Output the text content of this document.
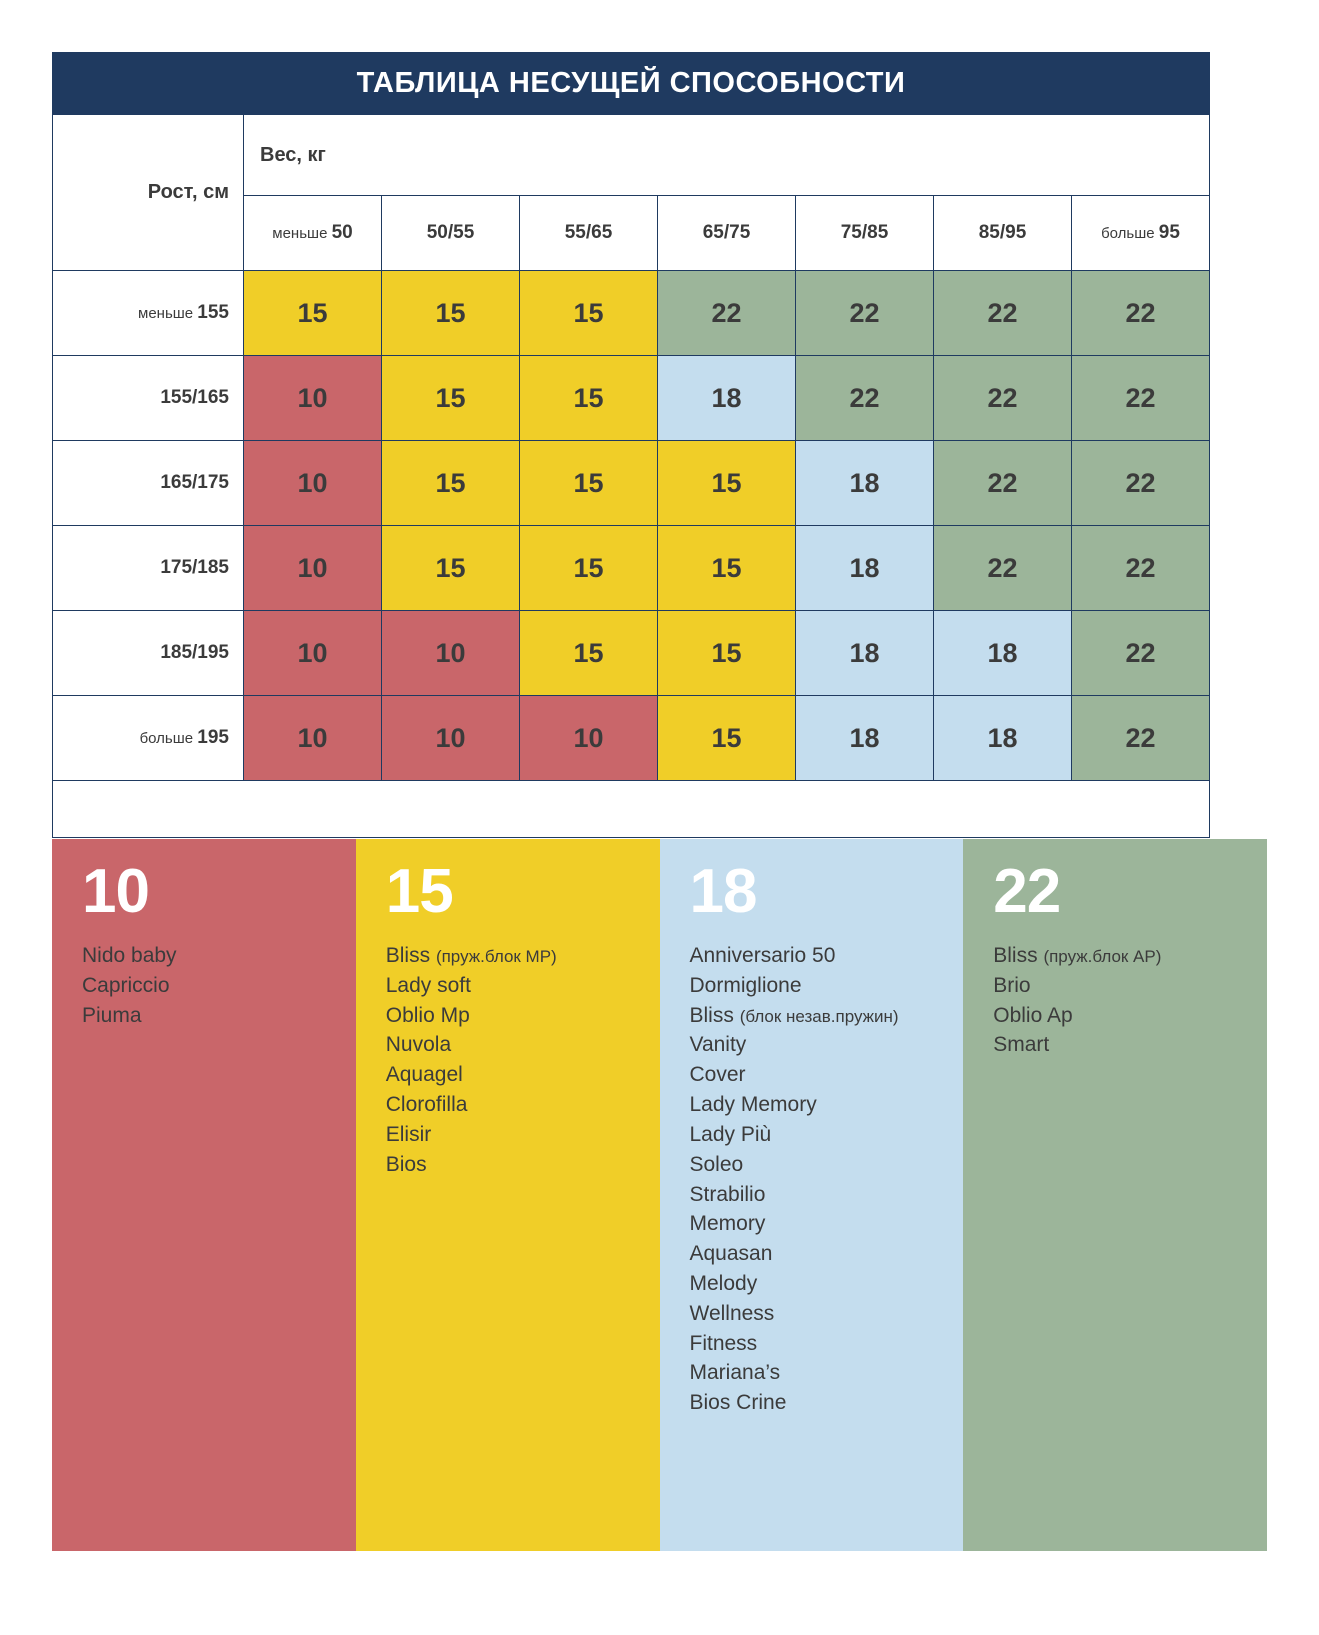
ТАБЛИЦА НЕСУЩЕЙ СПОСОБНОСТИ
Рост, см	Вес, кг						
	меньше 50	50/55	55/65	65/75	75/85	85/95	больше 95
меньше 155	15	15	15	22	22	22	22
155/165	10	15	15	18	22	22	22
165/175	10	15	15	15	18	22	22
175/185	10	15	15	15	18	22	22
185/195	10	10	15	15	18	18	22
больше 195	10	10	10	15	18	18	22

10
Nido baby
Capriccio
Piuma
15
Bliss (пруж.блок MP)
Lady soft
Oblio Mp
Nuvola
Aquagel
Clorofilla
Elisir
Bios
18
Anniversario 50
Dormiglione
Bliss (блок незав.пружин)
Vanity
Cover
Lady Memory
Lady Più
Soleo
Strabilio
Memory
Aquasan
Melody
Wellness
Fitness
Mariana’s
Bios Crine
22
Bliss (пруж.блок AP)
Brio
Oblio Ap
Smart
